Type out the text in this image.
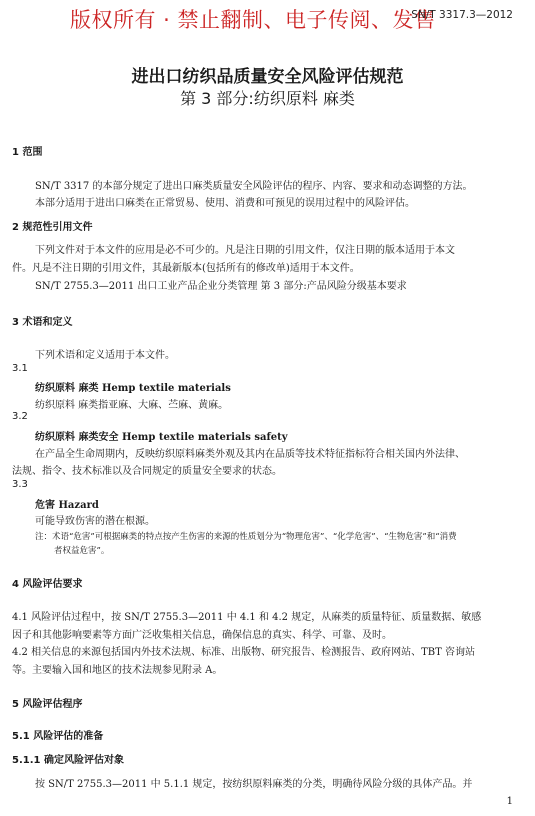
版权所有 · 禁止翻制、电子传阅、发售
SN/T 3317.3—2012
进出口纺织品质量安全风险评估规范
第 3 部分:纺织原料 麻类
1 范围
SN/T 3317 的本部分规定了进出口麻类质量安全风险评估的程序、内容、要求和动态调整的方法。
本部分适用于进出口麻类在正常贸易、使用、消费和可预见的误用过程中的风险评估。
2 规范性引用文件
下列文件对于本文件的应用是必不可少的。凡是注日期的引用文件，仅注日期的版本适用于本文
件。凡是不注日期的引用文件，其最新版本(包括所有的修改单)适用于本文件。
SN/T 2755.3—2011 出口工业产品企业分类管理 第 3 部分:产品风险分级基本要求
3 术语和定义
下列术语和定义适用于本文件。
3.1
纺织原料 麻类 Hemp textile materials
纺织原料 麻类指亚麻、大麻、苎麻、黄麻。
3.2
纺织原料 麻类安全 Hemp textile materials safety
在产品全生命周期内，反映纺织原料麻类外观及其内在品质等技术特征指标符合相关国内外法律、
法规、指令、技术标准以及合同规定的质量安全要求的状态。
3.3
危害 Hazard
可能导致伤害的潜在根源。
注：术语“危害”可根据麻类的特点按产生伤害的来源的性质划分为“物理危害”、“化学危害”、“生物危害”和“消费
者权益危害”。
4 风险评估要求
4.1 风险评估过程中，按 SN/T 2755.3—2011 中 4.1 和 4.2 规定，从麻类的质量特征、质量数据、敏感
因子和其他影响要素等方面广泛收集相关信息，确保信息的真实、科学、可靠、及时。
4.2 相关信息的来源包括国内外技术法规、标准、出版物、研究报告、检测报告、政府网站、TBT 咨询站
等。主要输入国和地区的技术法规参见附录 A。
5 风险评估程序
5.1 风险评估的准备
5.1.1 确定风险评估对象
按 SN/T 2755.3—2011 中 5.1.1 规定，按纺织原料麻类的分类，明确待风险分级的具体产品。并
1
